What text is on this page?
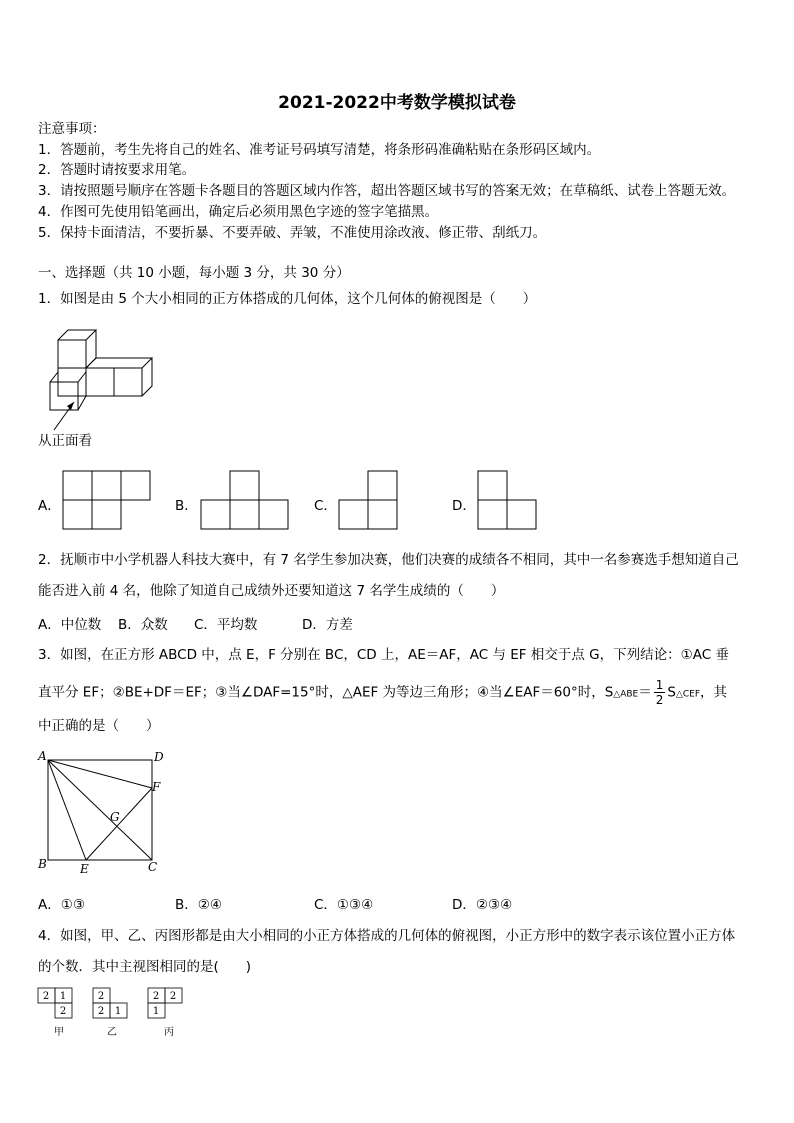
2021-2022中考数学模拟试卷
注意事项：
1．答题前，考生先将自己的姓名、准考证号码填写清楚，将条形码准确粘贴在条形码区域内。
2．答题时请按要求用笔。
3．请按照题号顺序在答题卡各题目的答题区域内作答，超出答题区域书写的答案无效；在草稿纸、试卷上答题无效。
4．作图可先使用铅笔画出，确定后必须用黑色字迹的签字笔描黑。
5．保持卡面清洁，不要折暴、不要弄破、弄皱，不准使用涂改液、修正带、刮纸刀。
一、选择题（共 10 小题，每小题 3 分，共 30 分）
1．如图是由 5 个大小相同的正方体搭成的几何体，这个几何体的俯视图是（　　）
从正面看
A．	B．	C．	D．
2．抚顺市中小学机器人科技大赛中，有 7 名学生参加决赛，他们决赛的成绩各不相同，其中一名参赛选手想知道自己
能否进入前 4 名，他除了知道自己成绩外还要知道这 7 名学生成绩的（　　）
A．中位数 B．众数 C．平均数	D．方差
3．如图，在正方形 ABCD 中，点 E，F 分别在 BC，CD 上，AE＝AF，AC 与 EF 相交于点 G，下列结论：①AC 垂
直平分 EF；②BE+DF＝EF；③当∠DAF=15°时，△AEF 为等边三角形；④当∠EAF＝60°时，S△ABE＝ $\frac{1}{2}$ S△CEF，其
中正确的是（　　）
A	D
F
G
B	E	C
A．①③	B．②④	C．①③④	D．②③④
4．如图，甲、乙、丙图形都是由大小相同的小正方体搭成的几何体的俯视图，小正方形中的数字表示该位置小正方体
的个数．其中主视图相同的是(　　)
2 1
2
2
2 1
2 2
1
甲	乙	丙
